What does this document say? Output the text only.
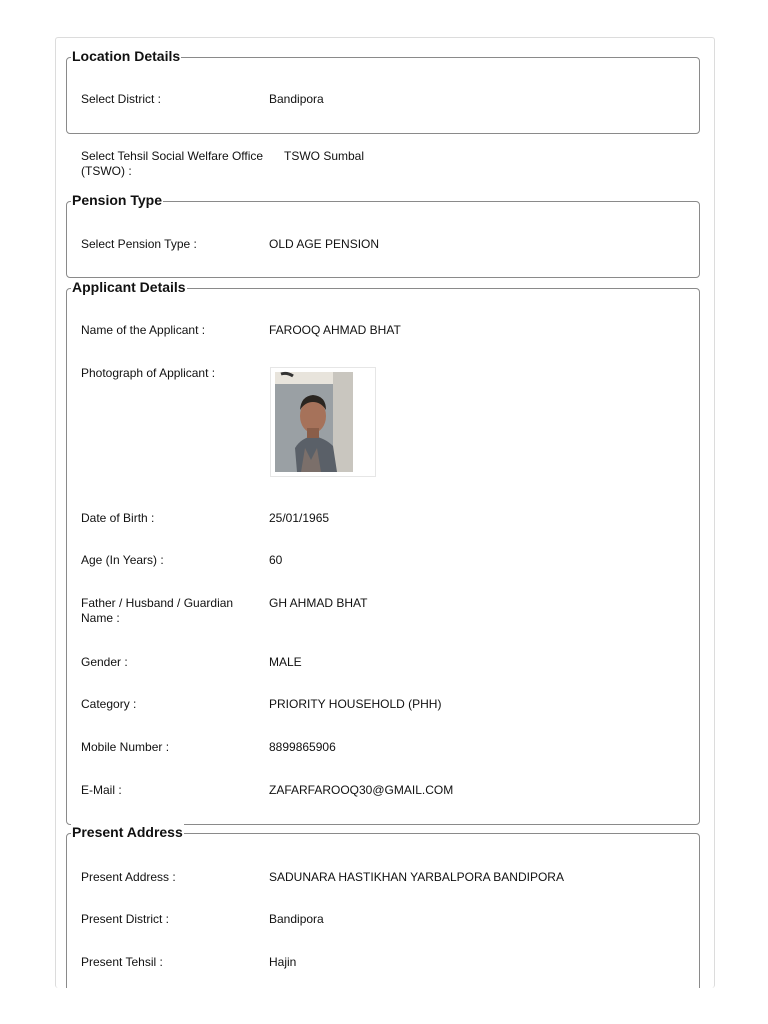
Location Details
Select District :	Bandipora
Select Tehsil Social Welfare Office (TSWO) :
TSWO Sumbal
Pension Type
Select Pension Type :	OLD AGE PENSION
Applicant Details
Name of the Applicant :	FAROOQ AHMAD BHAT
Photograph of Applicant :
Date of Birth :	25/01/1965
Age (In Years) :	60
Father / Husband / Guardian Name :
GH AHMAD BHAT
Gender :	MALE
Category :	PRIORITY HOUSEHOLD (PHH)
Mobile Number :	8899865906
E-Mail :	ZAFARFAROOQ30@GMAIL.COM
Present Address
Present Address :	SADUNARA HASTIKHAN YARBALPORA BANDIPORA
Present District :	Bandipora
Present Tehsil :	Hajin
